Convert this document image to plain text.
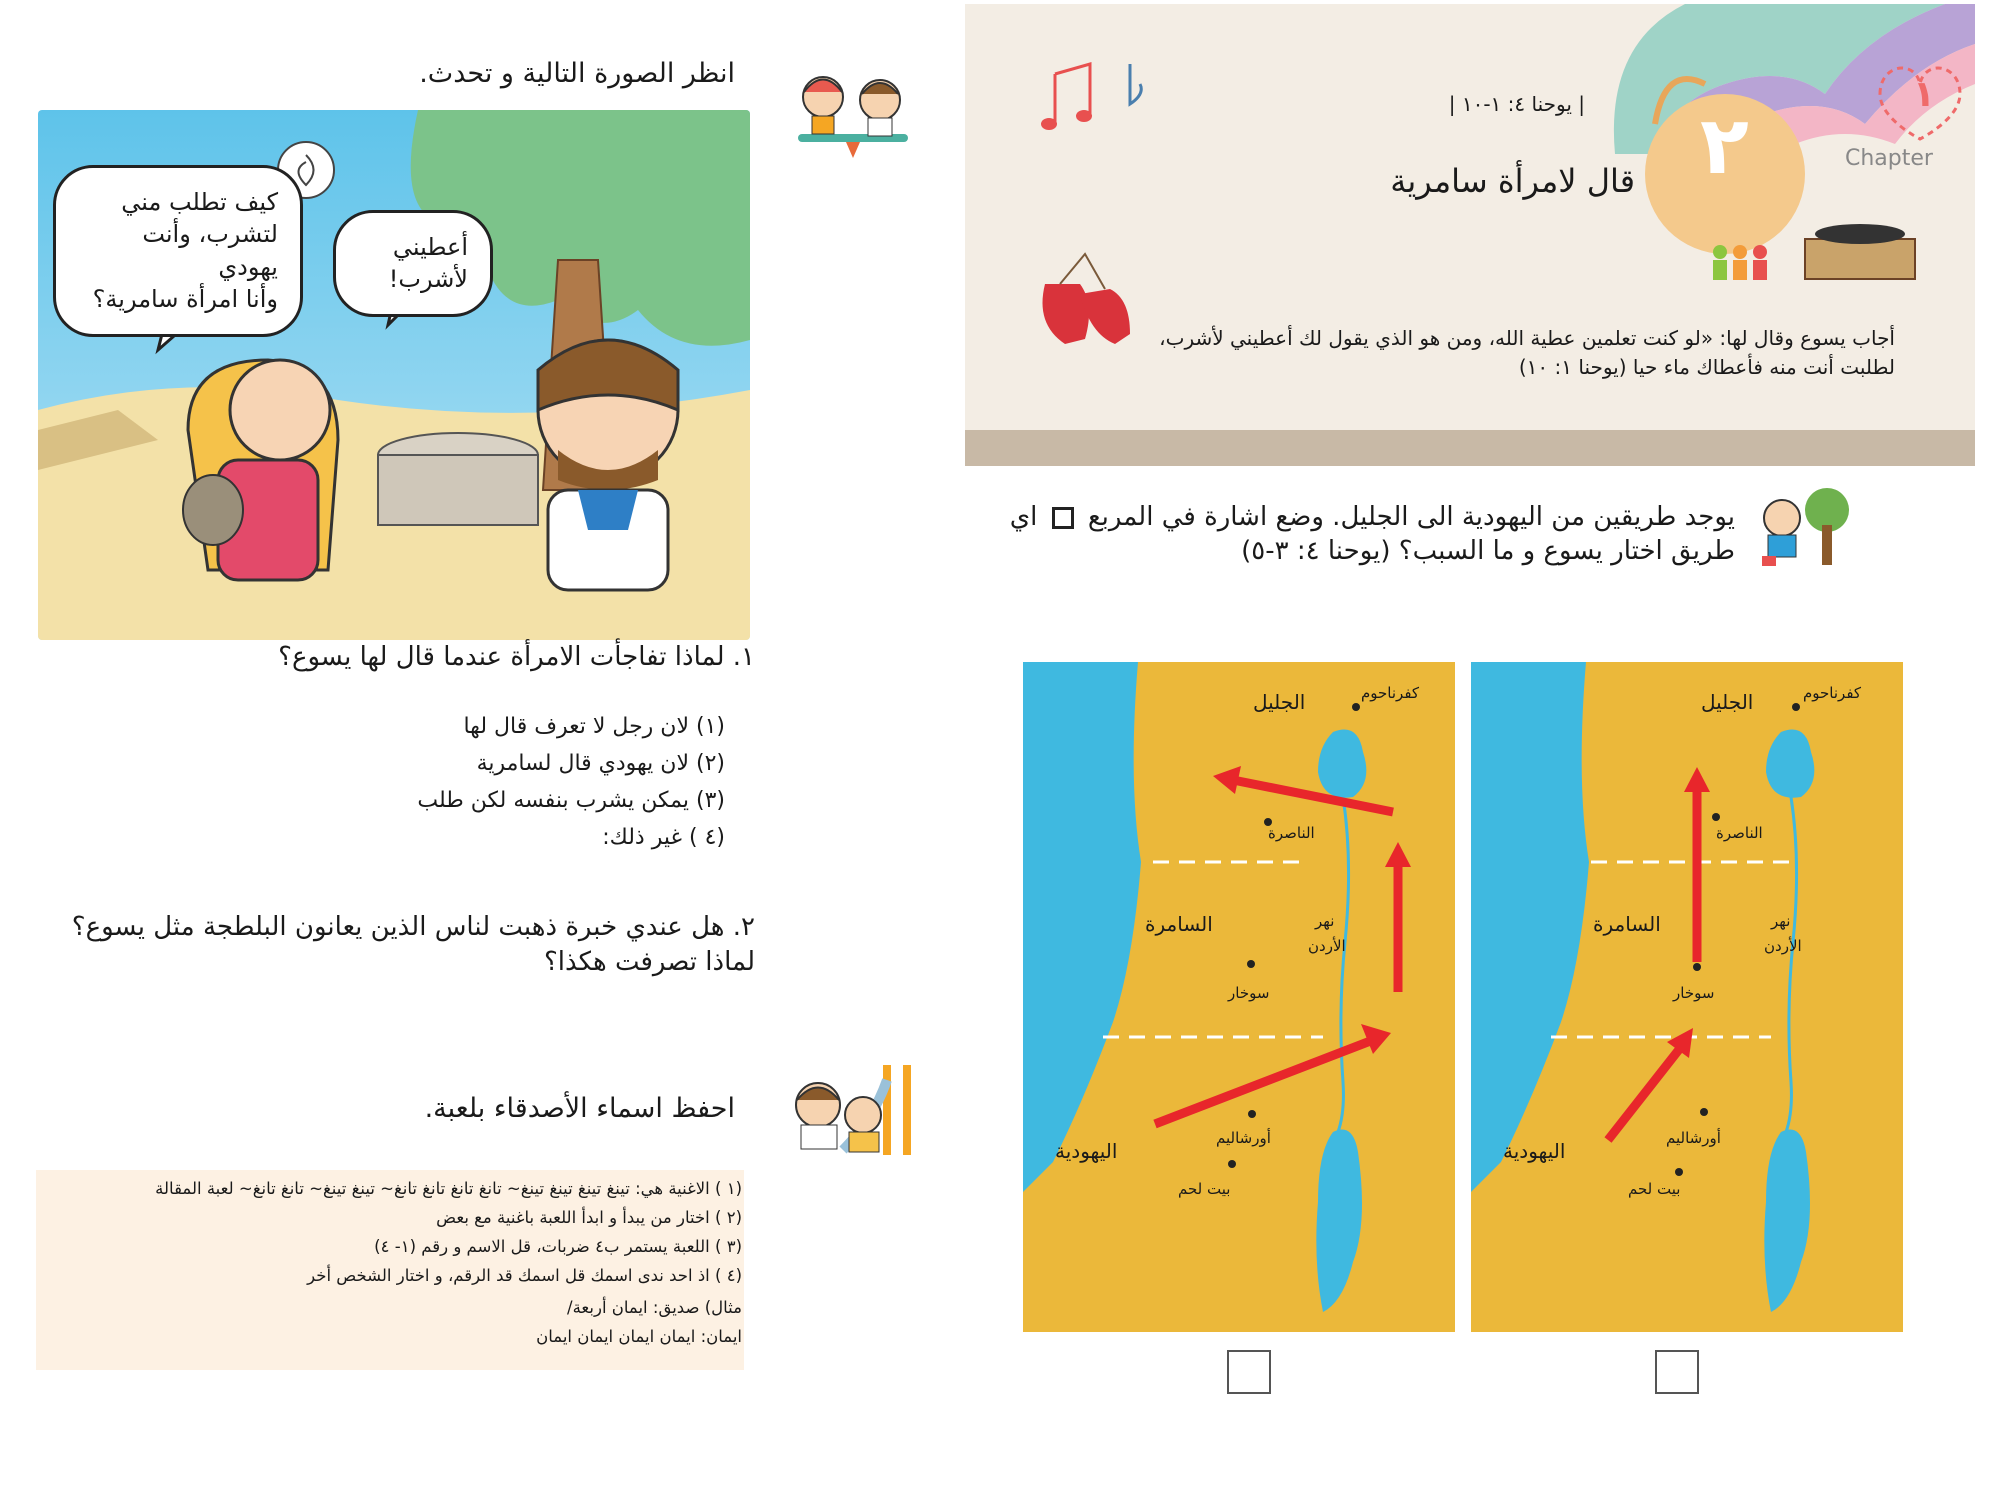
انظر الصورة التالية و تحدث.
كيف تطلب مني
لتشرب، وأنت يهودي
وأنا امرأة سامرية؟
أعطيني
لأشرب!
١. لماذا تفاجأت الامرأة عندما قال لها يسوع؟
(١) لان رجل لا تعرف قال لها
(٢) لان يهودي قال لسامرية
(٣) يمكن يشرب بنفسه لكن طلب
(٤ ) غير ذلك:
٢. هل عندي خبرة ذهبت لناس الذين يعانون البلطجة مثل يسوع؟
لماذا تصرفت هكذا؟
احفظ اسماء الأصدقاء بلعبة.
(١ ) الاغنية هي: تينغ تينغ تينغ تينغ~ تانغ تانغ تانغ تانغ~ تينغ تينغ~ تانغ تانغ~ لعبة المقالة
(٢ ) اختار من يبدأ و ابدأ اللعبة باغنية مع بعض
(٣ ) اللعبة يستمر ب٤ ضربات، قل الاسم و رقم (١- ٤)
(٤ ) اذ احد ندى اسمك قل اسمك قد الرقم، و اختار الشخص أخر
مثال) صديق: ايمان أربعة/
ايمان: ايمان ايمان ايمان ايمان
٢
١
Chapter
| يوحنا ٤: ١-١٠ |
قال لامرأة سامرية
أجاب يسوع وقال لها: «لو كنت تعلمين عطية الله، ومن هو الذي يقول لك أعطيني لأشرب،
لطلبت أنت منه فأعطاك ماء حيا (يوحنا ١: ١٠)
يوجد طريقين من اليهودية الى الجليل. وضع اشارة في المربع  اي
طريق اختار يسوع و ما السبب؟ (يوحنا ٤: ٣-٥)
الجليل	كفرناحوم
الناصرة
السامرة	نهر
الأردن
سوخار
اليهودية
أورشاليم
بيت لحم
الجليل	كفرناحوم
الناصرة
السامرة	نهر
الأردن
سوخار
اليهودية
أورشاليم
بيت لحم
